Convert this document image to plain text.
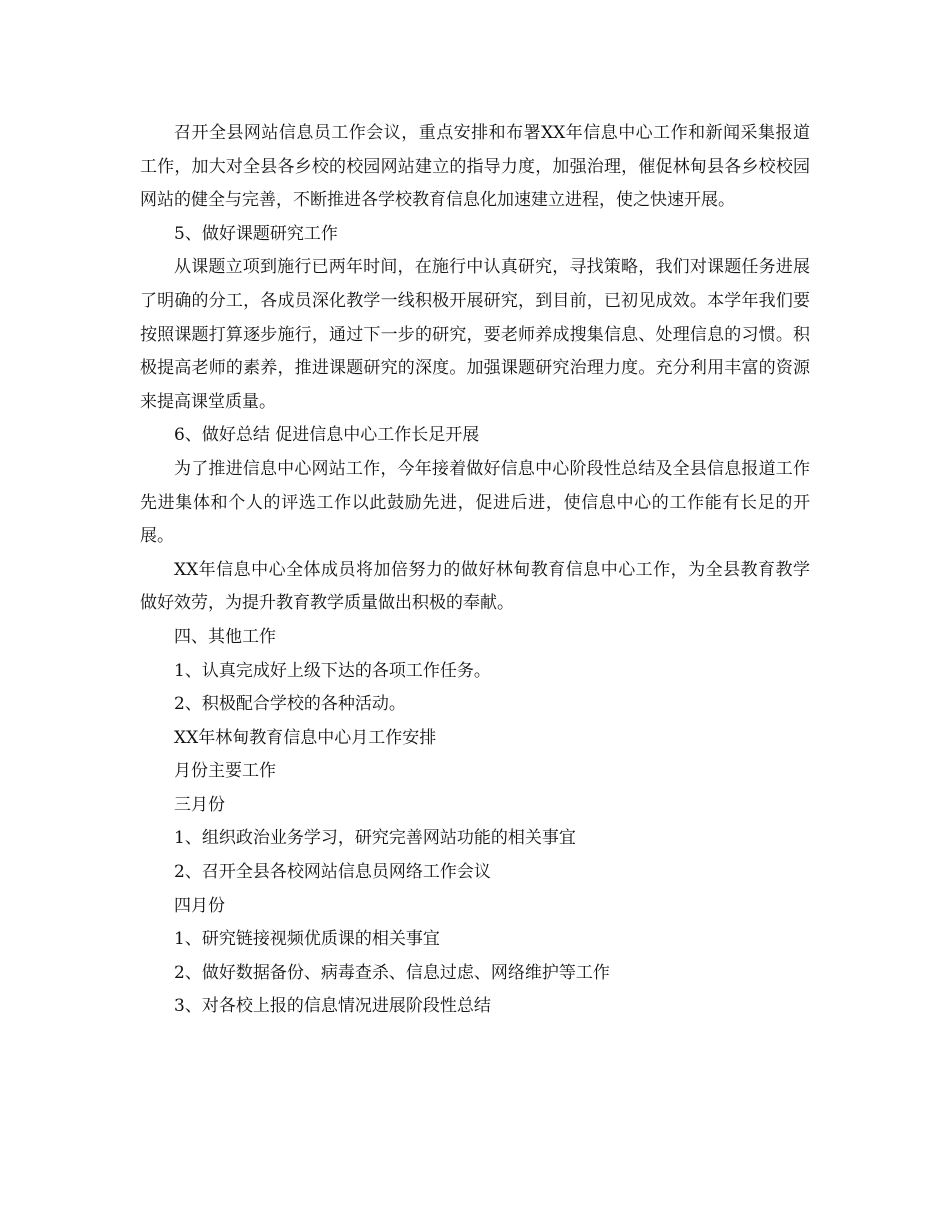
召开全县网站信息员工作会议，重点安排和布署XX年信息中心工作和新闻采集报道工作，加大对全县各乡校的校园网站建立的指导力度，加强治理，催促林甸县各乡校校园网站的健全与完善，不断推进各学校教育信息化加速建立进程，使之快速开展。

5、做好课题研究工作

从课题立项到施行已两年时间，在施行中认真研究，寻找策略，我们对课题任务进展了明确的分工，各成员深化教学一线积极开展研究，到目前，已初见成效。本学年我们要按照课题打算逐步施行，通过下一步的研究，要老师养成搜集信息、处理信息的习惯。积极提高老师的素养，推进课题研究的深度。加强课题研究治理力度。充分利用丰富的资源来提高课堂质量。

6、做好总结 促进信息中心工作长足开展

为了推进信息中心网站工作，今年接着做好信息中心阶段性总结及全县信息报道工作先进集体和个人的评选工作以此鼓励先进，促进后进，使信息中心的工作能有长足的开展。

XX年信息中心全体成员将加倍努力的做好林甸教育信息中心工作，为全县教育教学做好效劳，为提升教育教学质量做出积极的奉献。

四、其他工作

1、认真完成好上级下达的各项工作任务。

2、积极配合学校的各种活动。

XX年林甸教育信息中心月工作安排

月份主要工作

三月份

1、组织政治业务学习，研究完善网站功能的相关事宜

2、召开全县各校网站信息员网络工作会议

四月份

1、研究链接视频优质课的相关事宜

2、做好数据备份、病毒查杀、信息过虑、网络维护等工作

3、对各校上报的信息情况进展阶段性总结
